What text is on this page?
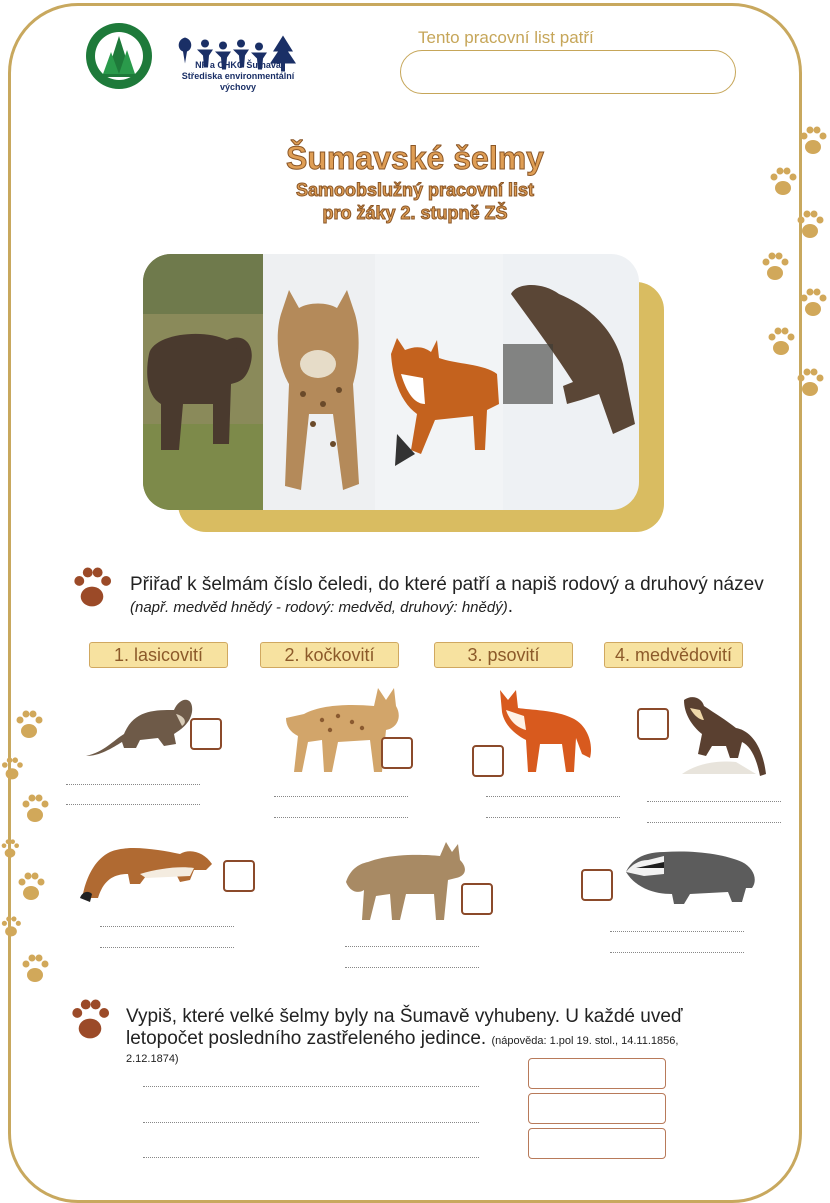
NP a CHKO Šumava
Střediska environmentální
výchovy
Tento pracovní list patří
Šumavské šelmy
Samoobslužný pracovní list
pro žáky 2. stupně ZŠ
Přiřaď k šelmám číslo čeledi, do které patří a napiš rodový a druhový název (např. medvěd hnědý - rodový: medvěd, druhový: hnědý).
1. lasicovití	2. kočkovití	3. psovití	4. medvědovití
Vypiš, které velké šelmy byly na Šumavě vyhubeny. U každé uveď
letopočet posledního zastřeleného jedince. (nápověda: 1.pol 19. stol., 14.11.1856,
2.12.1874)
